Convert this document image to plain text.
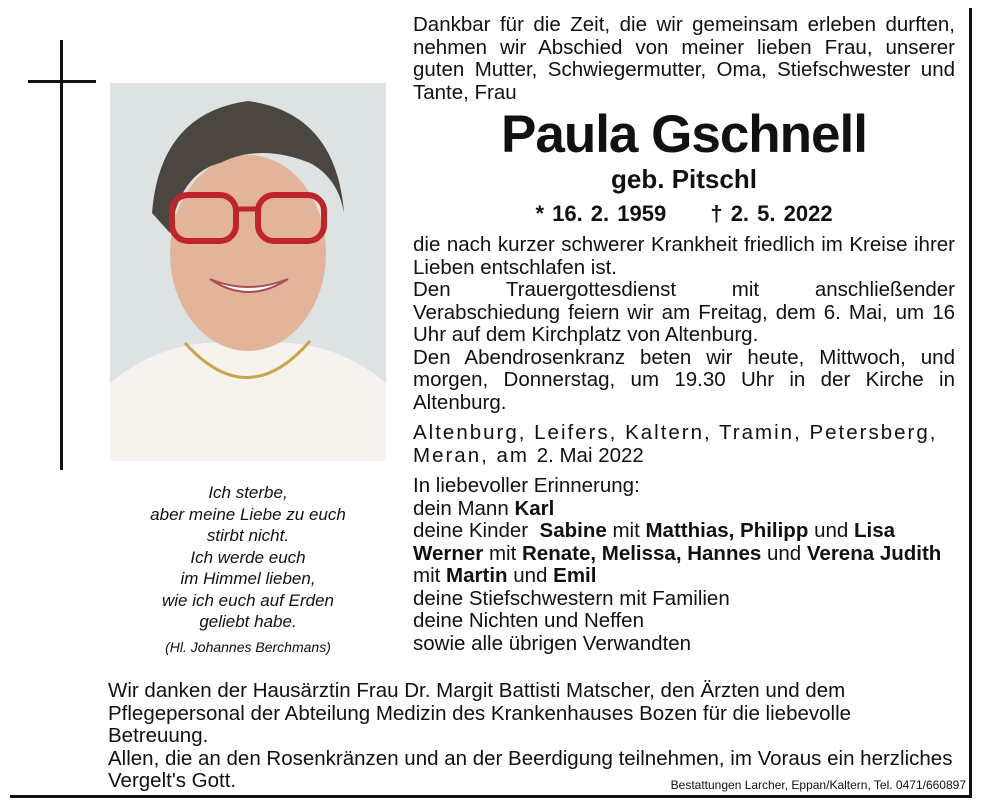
Ich sterbe,
aber meine Liebe zu euch
stirbt nicht.
Ich werde euch
im Himmel lieben,
wie ich euch auf Erden
geliebt habe.
(Hl. Johannes Berchmans)

Dankbar für die Zeit, die wir gemeinsam erleben durften, nehmen wir Abschied von meiner lieben Frau, unserer guten Mutter, Schwiegermutter, Oma, Stiefschwester und Tante, Frau

Paula Gschnell
geb. Pitschl
* 16. 2. 1959 † 2. 5. 2022

die nach kurzer schwerer Krankheit friedlich im Kreise ihrer Lieben entschlafen ist.

Den Trauergottesdienst mit anschließender Verabschiedung feiern wir am Freitag, dem 6. Mai, um 16 Uhr auf dem Kirchplatz von Altenburg.

Den Abendrosenkranz beten wir heute, Mittwoch, und morgen, Donnerstag, um 19.30 Uhr in der Kirche in Altenburg.

Altenburg, Leifers, Kaltern, Tramin, Petersberg, Meran, am 2. Mai 2022

In liebevoller Erinnerung:
dein Mann Karl
deine Kinder Sabine mit Matthias, Philipp und Lisa Werner mit Renate, Melissa, Hannes und Verena Judith mit Martin und Emil
deine Stiefschwestern mit Familien
deine Nichten und Neffen
sowie alle übrigen Verwandten
Wir danken der Hausärztin Frau Dr. Margit Battisti Matscher, den Ärzten und dem Pflegepersonal der Abteilung Medizin des Krankenhauses Bozen für die liebevolle Betreuung.
Allen, die an den Rosenkränzen und an der Beerdigung teilnehmen, im Voraus ein herzliches Vergelt's Gott.	Bestattungen Larcher, Eppan/Kaltern, Tel. 0471/660897
